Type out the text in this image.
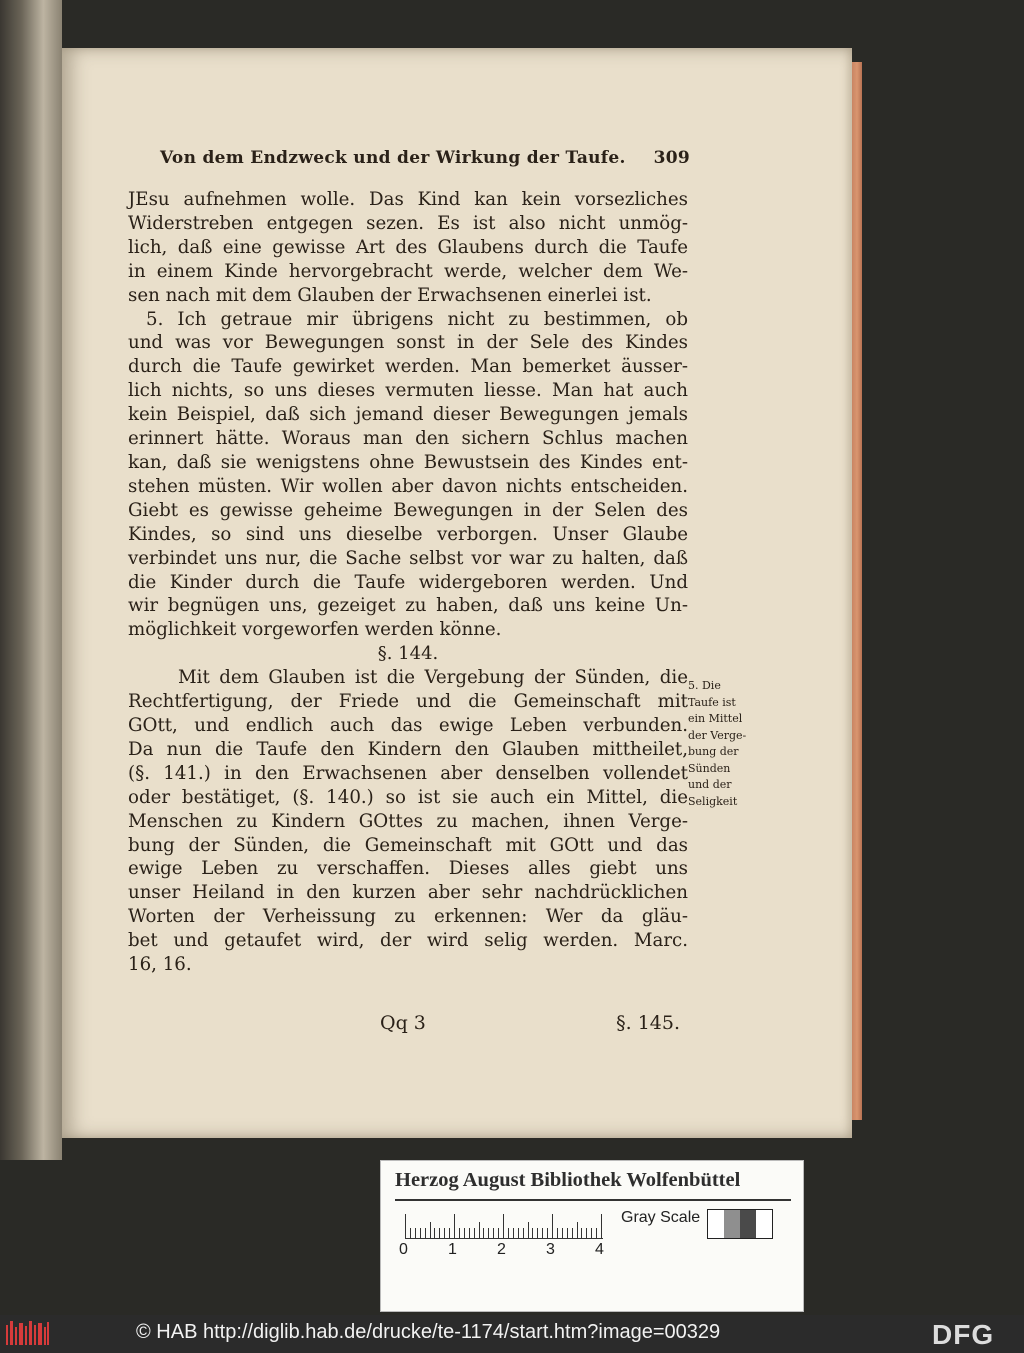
Von dem Endzweck und der Wirkung der Taufe. 309
JEsu aufnehmen wolle. Das Kind kan kein vorsezliches
Widerstreben entgegen sezen. Es ist also nicht unmög-
lich, daß eine gewisse Art des Glaubens durch die Taufe
in einem Kinde hervorgebracht werde, welcher dem We-
sen nach mit dem Glauben der Erwachsenen einerlei ist.
5. Ich getraue mir übrigens nicht zu bestimmen, ob
und was vor Bewegungen sonst in der Sele des Kindes
durch die Taufe gewirket werden. Man bemerket äusser-
lich nichts, so uns dieses vermuten liesse. Man hat auch
kein Beispiel, daß sich jemand dieser Bewegungen jemals
erinnert hätte. Woraus man den sichern Schlus machen
kan, daß sie wenigstens ohne Bewustsein des Kindes ent-
stehen müsten. Wir wollen aber davon nichts entscheiden.
Giebt es gewisse geheime Bewegungen in der Selen des
Kindes, so sind uns dieselbe verborgen. Unser Glaube
verbindet uns nur, die Sache selbst vor war zu halten, daß
die Kinder durch die Taufe widergeboren werden. Und
wir begnügen uns, gezeiget zu haben, daß uns keine Un-
möglichkeit vorgeworfen werden könne.
§. 144.
Mit dem Glauben ist die Vergebung der Sünden, die
Rechtfertigung, der Friede und die Gemeinschaft mit
GOtt, und endlich auch das ewige Leben verbunden.
Da nun die Taufe den Kindern den Glauben mittheilet,
(§. 141.) in den Erwachsenen aber denselben vollendet
oder bestätiget, (§. 140.) so ist sie auch ein Mittel, die
Menschen zu Kindern GOttes zu machen, ihnen Verge-
bung der Sünden, die Gemeinschaft mit GOtt und das
ewige Leben zu verschaffen. Dieses alles giebt uns
unser Heiland in den kurzen aber sehr nachdrücklichen
Worten der Verheissung zu erkennen: Wer da gläu-
bet und getaufet wird, der wird selig werden. Marc.
16, 16.
5. Die
Taufe ist
ein Mittel
der Verge-
bung der
Sünden
und der
Seligkeit
Qq 3	§. 145.
Herzog August Bibliothek Wolfenbüttel
0	1	2	3	4
Gray Scale
© HAB http://diglib.hab.de/drucke/te-1174/start.htm?image=00329	DFG
